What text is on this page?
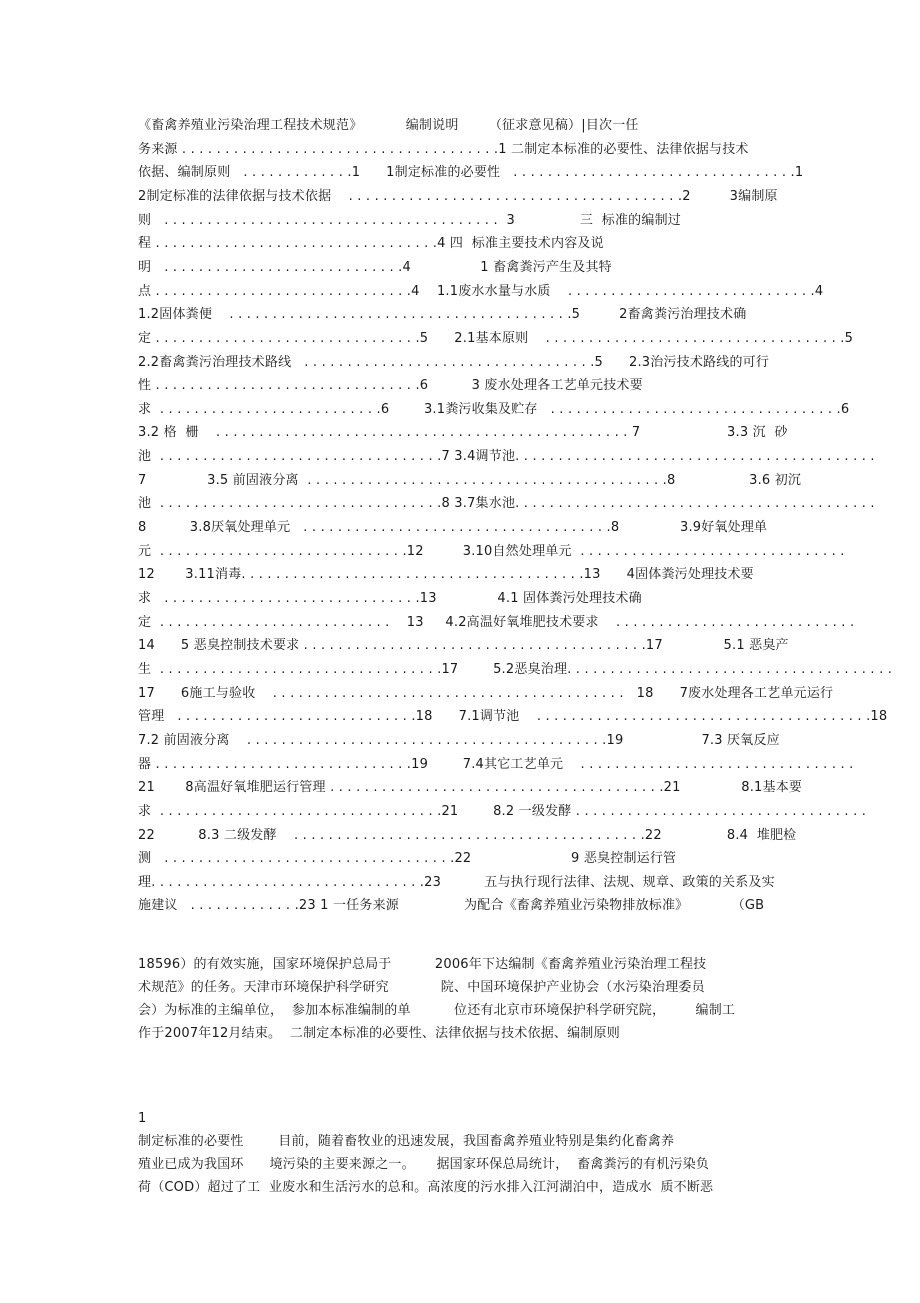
《畜禽养殖业污染治理工程技术规范》          编制说明       （征求意见稿）|目次一任
务来源 . . . . . . . . . . . . . . . . . . . . . . . . . . . . . . . . . . . . .1 二制定本标准的必要性、法律依据与技术
依据、编制原则   . . . . . . . . . . . . .1      1制定标准的必要性   . . . . . . . . . . . . . . . . . . . . . . . . . . . . . . . . .1
2制定标准的法律依据与技术依据    . . . . . . . . . . . . . . . . . . . . . . . . . . . . . . . . . . . . . . .2         3编制原
则   . . . . . . . . . . . . . . . . . . . . . . . . . . . . . . . . . . . . . . .  3               三  标准的编制过
程 . . . . . . . . . . . . . . . . . . . . . . . . . . . . . . . . .4 四  标准主要技术内容及说
明   . . . . . . . . . . . . . . . . . . . . . . . . . . . .4                1 畜禽粪污产生及其特
点 . . . . . . . . . . . . . . . . . . . . . . . . . . . . . .4    1.1废水水量与水质    . . . . . . . . . . . . . . . . . . . . . . . . . . . . .4
1.2固体粪便    . . . . . . . . . . . . . . . . . . . . . . . . . . . . . . . . . . . . . . . .5         2畜禽粪污治理技术确
定 . . . . . . . . . . . . . . . . . . . . . . . . . . . . . . .5      2.1基本原则    . . . . . . . . . . . . . . . . . . . . . . . . . . . . . . . . . . .5
2.2畜禽粪污治理技术路线   . . . . . . . . . . . . . . . . . . . . . . . . . . . . . . . . . .5      2.3治污技术路线的可行
性 . . . . . . . . . . . . . . . . . . . . . . . . . . . . . . .6          3 废水处理各工艺单元技术要
求  . . . . . . . . . . . . . . . . . . . . . . . . . .6        3.1粪污收集及贮存   . . . . . . . . . . . . . . . . . . . . . . . . . . . . . . . . . .6
3.2 格  栅    . . . . . . . . . . . . . . . . . . . . . . . . . . . . . . . . . . . . . . . . . . . . . . . . 7                    3.3 沉  砂
池  . . . . . . . . . . . . . . . . . . . . . . . . . . . . . . . . .7 3.4调节池. . . . . . . . . . . . . . . . . . . . . . . . . . . . . . . . . . . . . . . . . .
7              3.5 前固液分离  . . . . . . . . . . . . . . . . . . . . . . . . . . . . . . . . . . . . . . . . . .8                 3.6 初沉
池  . . . . . . . . . . . . . . . . . . . . . . . . . . . . . . . . .8 3.7集水池. . . . . . . . . . . . . . . . . . . . . . . . . . . . . . . . . . . . . . . . . .
8          3.8厌氧处理单元   . . . . . . . . . . . . . . . . . . . . . . . . . . . . . . . . . . . .8              3.9好氧处理单
元  . . . . . . . . . . . . . . . . . . . . . . . . . . . . .12         3.10自然处理单元  . . . . . . . . . . . . . . . . . . . . . . . . . . . . . . .
12       3.11消毒. . . . . . . . . . . . . . . . . . . . . . . . . . . . . . . . . . . . . . . .13      4固体粪污处理技术要
求   . . . . . . . . . . . . . . . . . . . . . . . . . . . . . .13              4.1 固体粪污处理技术确
定  . . . . . . . . . . . . . . . . . . . . . . . . . . .    13     4.2高温好氧堆肥技术要求    . . . . . . . . . . . . . . . . . . . . . . . . . . . .
14      5 恶臭控制技术要求 . . . . . . . . . . . . . . . . . . . . . . . . . . . . . . . . . . . . . . . .17              5.1 恶臭产
生  . . . . . . . . . . . . . . . . . . . . . . . . . . . . . . . . .17        5.2恶臭治理. . . . . . . . . . . . . . . . . . . . . . . . . . . . . . . . . . . . . .
17      6施工与验收    . . . . . . . . . . . . . . . . . . . . . . . . . . . . . . . . . . . . . . . . .   18      7废水处理各工艺单元运行
管理   . . . . . . . . . . . . . . . . . . . . . . . . . . . .18      7.1调节池    . . . . . . . . . . . . . . . . . . . . . . . . . . . . . . . . . . . . . . .18
7.2 前固液分离    . . . . . . . . . . . . . . . . . . . . . . . . . . . . . . . . . . . . . . . . . .19                  7.3 厌氧反应
器 . . . . . . . . . . . . . . . . . . . . . . . . . . . . . .19        7.4其它工艺单元    . . . . . . . . . . . . . . . . . . . . . . . . . . . . . . . .
21       8高温好氧堆肥运行管理 . . . . . . . . . . . . . . . . . . . . . . . . . . . . . . . . . . . . . . .21              8.1基本要
求  . . . . . . . . . . . . . . . . . . . . . . . . . . . . . . . . .21        8.2 一级发酵 . . . . . . . . . . . . . . . . . . . . . . . . . . . . . . . . . .
22          8.3 二级发酵    . . . . . . . . . . . . . . . . . . . . . . . . . . . . . . . . . . . . . . . . .22               8.4  堆肥检
测   . . . . . . . . . . . . . . . . . . . . . . . . . . . . . . . . . .22                       9 恶臭控制运行管
理. . . . . . . . . . . . . . . . . . . . . . . . . . . . . . . .23          五与执行现行法律、法规、规章、政策的关系及实
施建议   . . . . . . . . . . . . .23 1 一任务来源               为配合《畜禽养殖业污染物排放标准》          （GB
18596）的有效实施，国家环境保护总局于          2006年下达编制《畜禽养殖业污染治理工程技
术规范》的任务。天津市环境保护科学研究            院、中国环境保护产业协会（水污染治理委员
会）为标准的主编单位，  参加本标准编制的单          位还有北京市环境保护科学研究院，       编制工
作于2007年12月结束。  二制定本标准的必要性、法律依据与技术依据、编制原则
1
制定标准的必要性        目前，随着畜牧业的迅速发展，我国畜禽养殖业特别是集约化畜禽养
殖业已成为我国环      境污染的主要来源之一。     据国家环保总局统计，  畜禽粪污的有机污染负
荷（COD）超过了工  业废水和生活污水的总和。高浓度的污水排入江河湖泊中，造成水  质不断恶
